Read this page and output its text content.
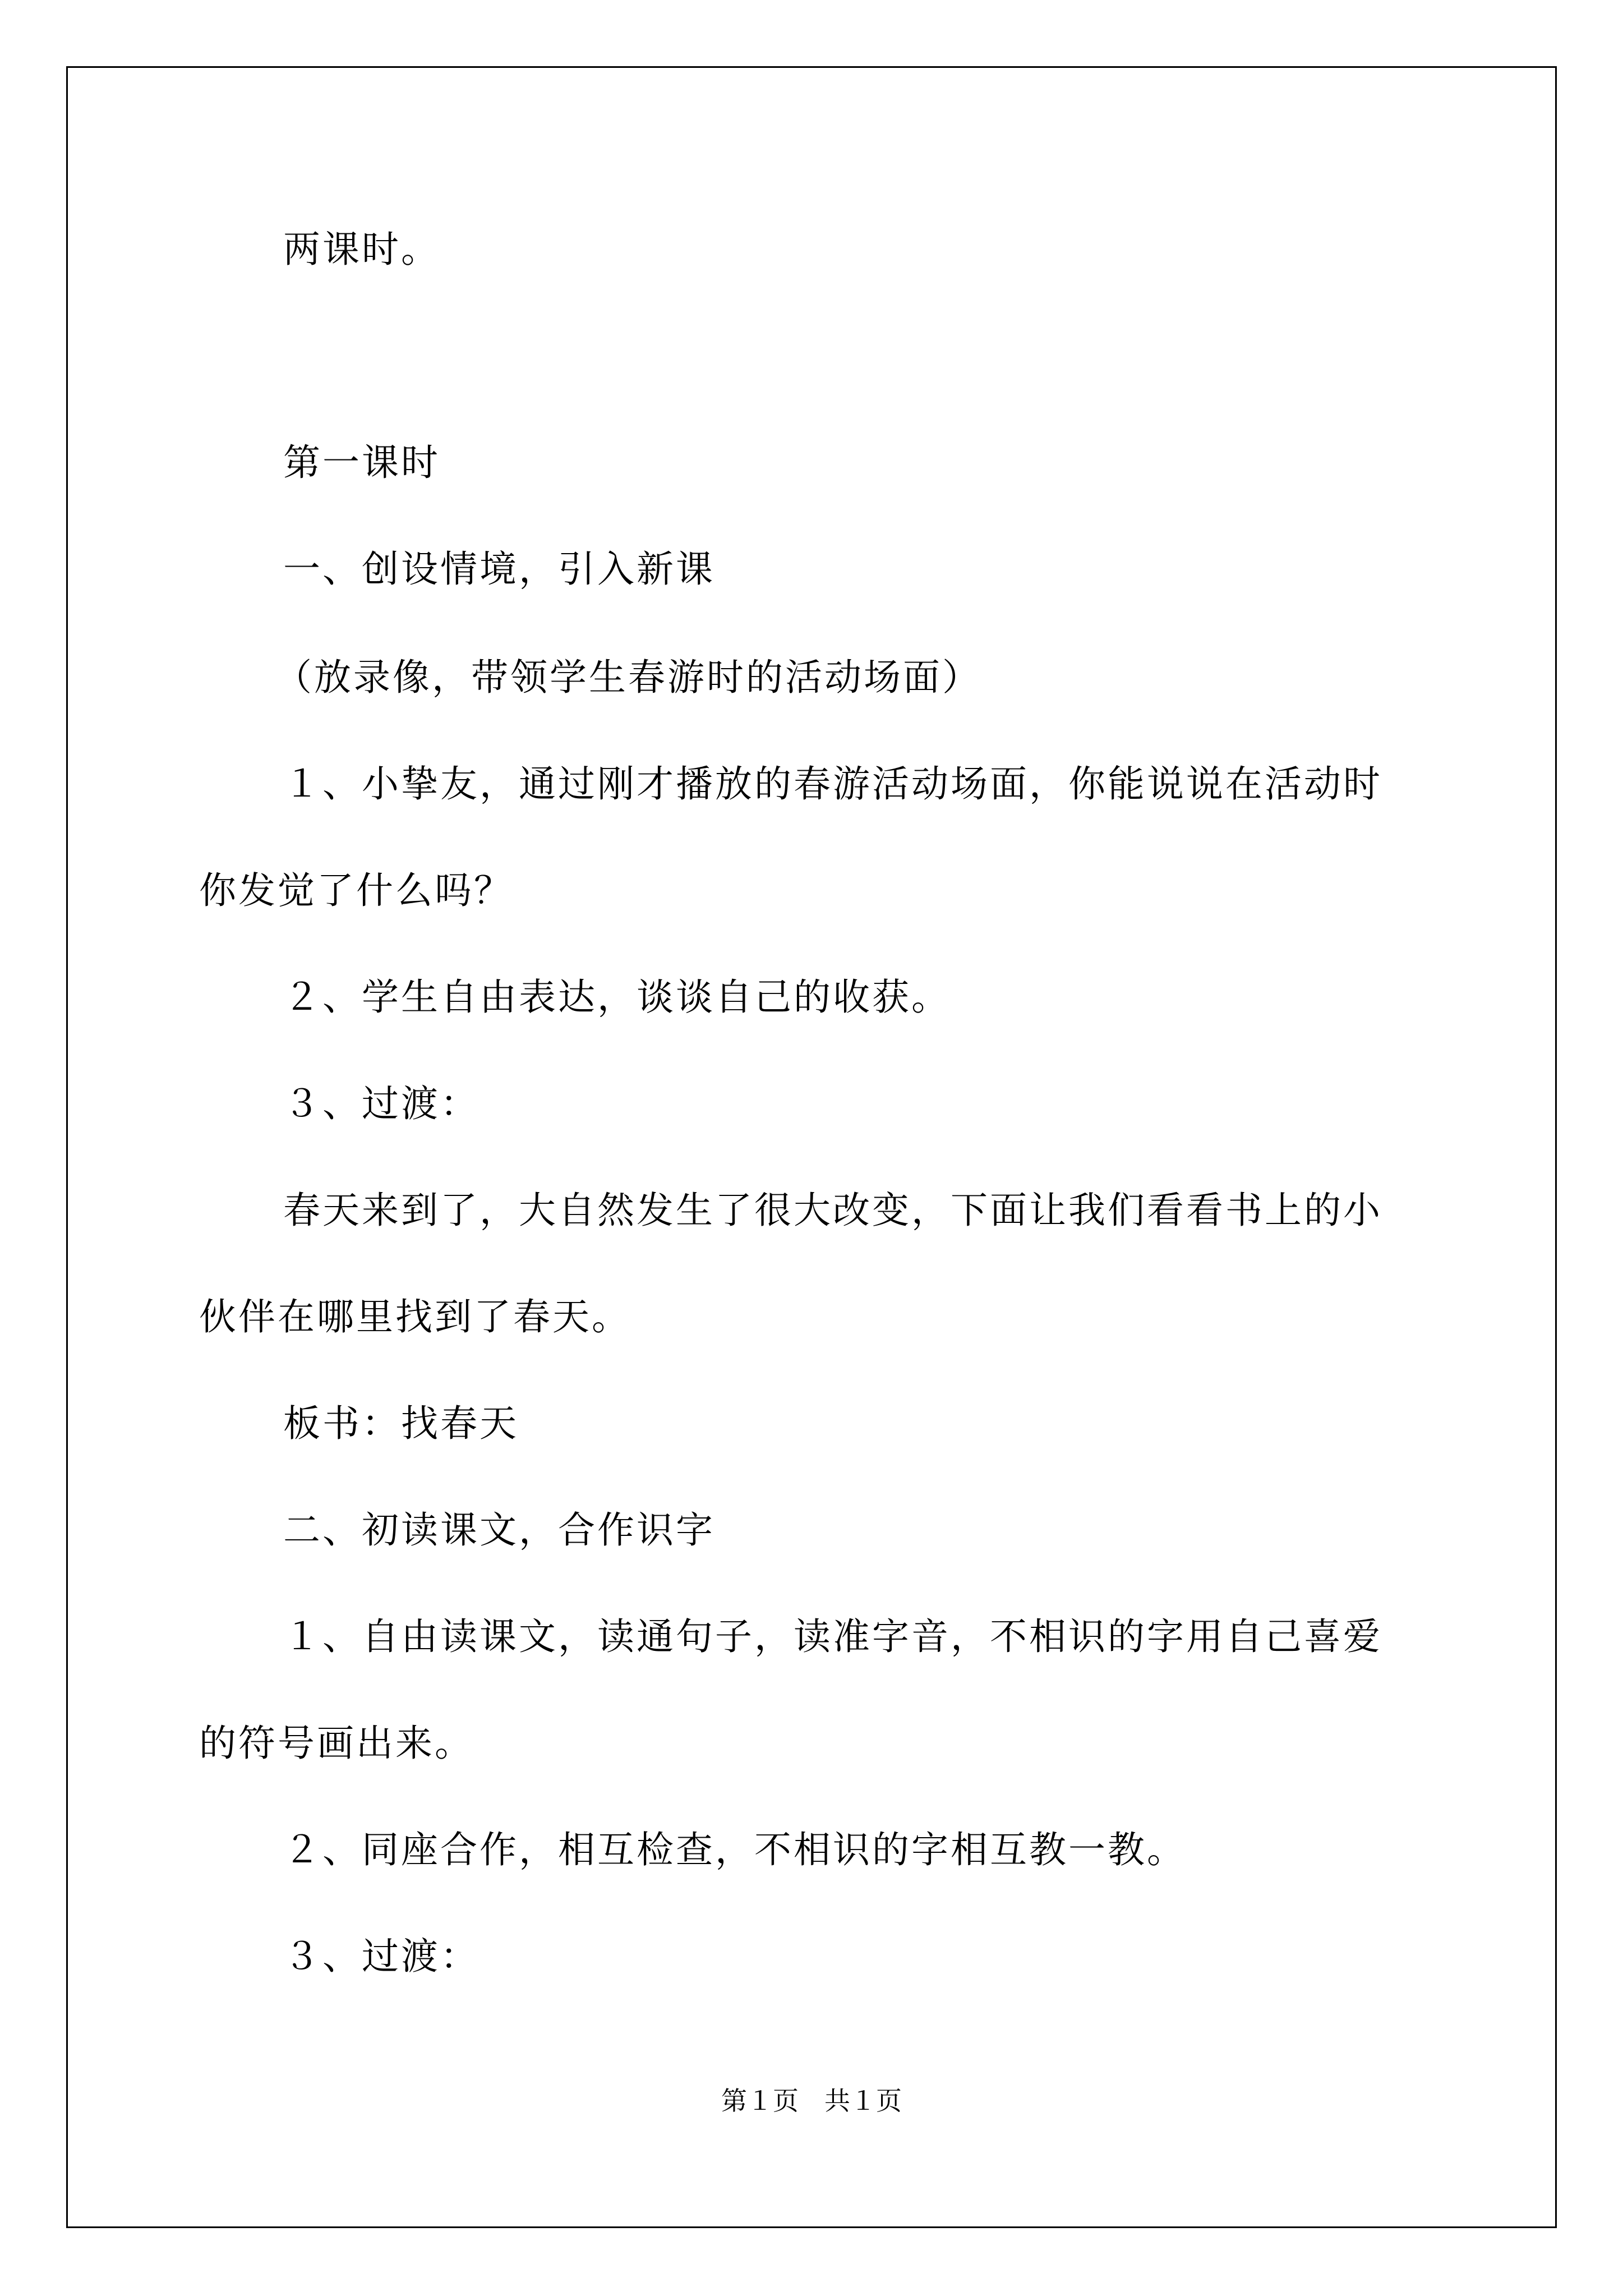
两课时。
第一课时
一、创设情境，引入新课
（放录像，带领学生春游时的活动场面）
１、小挚友，通过刚才播放的春游活动场面，你能说说在活动时
你发觉了什么吗？
２、学生自由表达，谈谈自己的收获。
３、过渡：
春天来到了，大自然发生了很大改变，下面让我们看看书上的小
伙伴在哪里找到了春天。
板书：找春天
二、初读课文，合作识字
１、自由读课文，读通句子，读准字音，不相识的字用自己喜爱
的符号画出来。
２、同座合作，相互检查，不相识的字相互教一教。
３、过渡：
第１页　共１页
